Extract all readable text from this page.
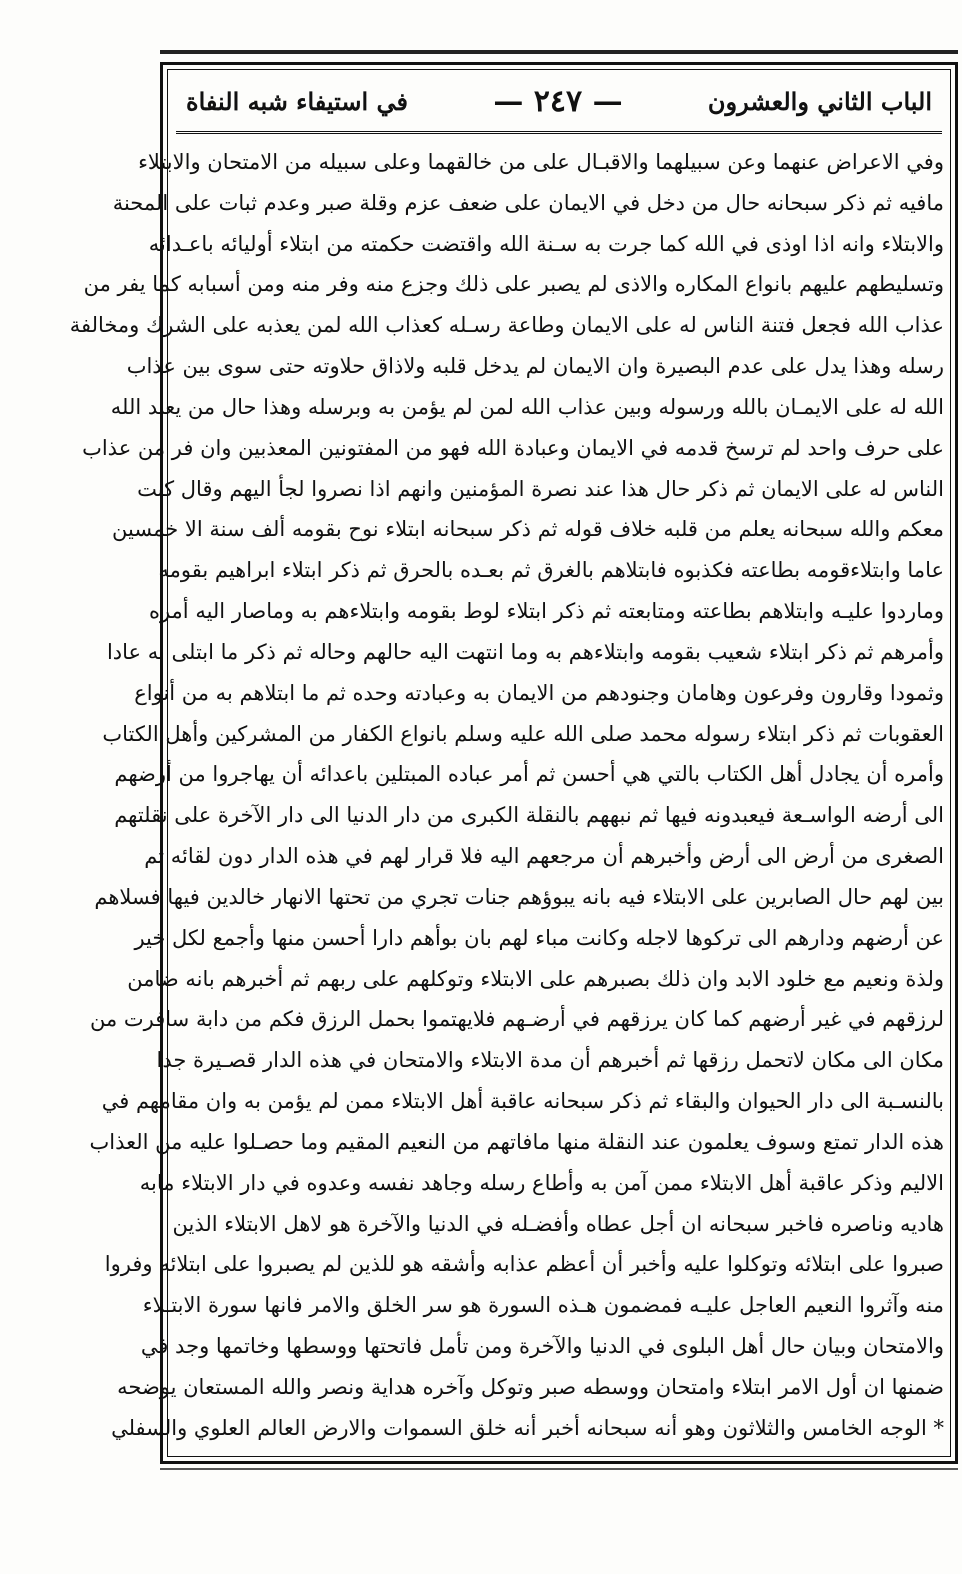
الباب الثاني والعشرون
— ٢٤٧ —
في استيفاء شبه النفاة
وفي الاعراض عنهما وعن سبيلهما والاقبـال على من خالقهما وعلى سبيله من الامتحان والابتلاء
مافيه ثم ذكر سبحانه حال من دخل في الايمان على ضعف عزم وقلة صبر وعدم ثبات على المحنة
والابتلاء وانه اذا اوذى في الله كما جرت به سـنة الله واقتضت حكمته من ابتلاء أوليائه باعـدائه
وتسليطهم عليهم بانواع المكاره والاذى لم يصبر على ذلك وجزع منه وفر منه ومن أسبابه كما يفر من
عذاب الله فجعل فتنة الناس له على الايمان وطاعة رسـله كعذاب الله لمن يعذبه على الشرك ومخالفة
رسله وهذا يدل على عدم البصيرة وان الايمان لم يدخل قلبه ولاذاق حلاوته حتى سوى بين عذاب
الله له على الايمـان بالله ورسوله وبين عذاب الله لمن لم يؤمن به وبرسله وهذا حال من يعبد الله
على حرف واحد لم ترسخ قدمه في الايمان وعبادة الله فهو من المفتونين المعذبين وان فر من عذاب
الناس له على الايمان ثم ذكر حال هذا عند نصرة المؤمنين وانهم اذا نصروا لجأ اليهم وقال كنت
معكم والله سبحانه يعلم من قلبه خلاف قوله ثم ذكر سبحانه ابتلاء نوح بقومه ألف سنة الا خمسين
عاما وابتلاءقومه بطاعته فكذبوه فابتلاهم بالغرق ثم بعـده بالحرق ثم ذكر ابتلاء ابراهيم بقومه
وماردوا عليـه وابتلاهم بطاعته ومتابعته ثم ذكر ابتلاء لوط بقومه وابتلاءهم به وماصار اليه أمره
وأمرهم ثم ذكر ابتلاء شعيب بقومه وابتلاءهم به وما انتهت اليه حالهم وحاله ثم ذكر ما ابتلى به عادا
وثمودا وقارون وفرعون وهامان وجنودهم من الايمان به وعبادته وحده ثم ما ابتلاهم به من أنواع
العقوبات ثم ذكر ابتلاء رسوله محمد صلى الله عليه وسلم بانواع الكفار من المشركين وأهل الكتاب
وأمره أن يجادل أهل الكتاب بالتي هي أحسن ثم أمر عباده المبتلين باعدائه أن يهاجروا من أرضهم
الى أرضه الواسـعة فيعبدونه فيها ثم نبههم بالنقلة الكبرى من دار الدنيا الى دار الآخرة على نقلتهم
الصغرى من أرض الى أرض وأخبرهم أن مرجعهم اليه فلا قرار لهم في هذه الدار دون لقائه ثم
بين لهم حال الصابرين على الابتلاء فيه بانه يبوؤهم جنات تجري من تحتها الانهار خالدين فيها فسلاهم
عن أرضهم ودارهم الى تركوها لاجله وكانت مباء لهم بان بوأهم دارا أحسن منها وأجمع لكل خير
ولذة ونعيم مع خلود الابد وان ذلك بصبرهم على الابتلاء وتوكلهم على ربهم ثم أخبرهم بانه ضامن
لرزقهم في غير أرضهم كما كان يرزقهم في أرضـهم فلايهتموا بحمل الرزق فكم من دابة سافرت من
مكان الى مكان لاتحمل رزقها ثم أخبرهم أن مدة الابتلاء والامتحان في هذه الدار قصـيرة جدا
بالنسـبة الى دار الحيوان والبقاء ثم ذكر سبحانه عاقبة أهل الابتلاء ممن لم يؤمن به وان مقامهم في
هذه الدار تمتع وسوف يعلمون عند النقلة منها مافاتهم من النعيم المقيم وما حصـلوا عليه من العذاب
الاليم وذكر عاقبة أهل الابتلاء ممن آمن به وأطاع رسله وجاهد نفسه وعدوه في دار الابتلاء مابه
هاديه وناصره فاخبر سبحانه ان أجل عطاه وأفضـله في الدنيا والآخرة هو لاهل الابتلاء الذين
صبروا على ابتلائه وتوكلوا عليه وأخبر أن أعظم عذابه وأشقه هو للذين لم يصبروا على ابتلائه وفروا
منه وآثروا النعيم العاجل عليـه فمضمون هـذه السورة هو سر الخلق والامر فانها سورة الابتـلاء
والامتحان وبيان حال أهل البلوى في الدنيا والآخرة ومن تأمل فاتحتها ووسطها وخاتمها وجد في
ضمنها ان أول الامر ابتلاء وامتحان ووسطه صبر وتوكل وآخره هداية ونصر والله المستعان يوضحه
* الوجه الخامس والثلاثون وهو أنه سبحانه أخبر أنه خلق السموات والارض العالم العلوي والسفلي
